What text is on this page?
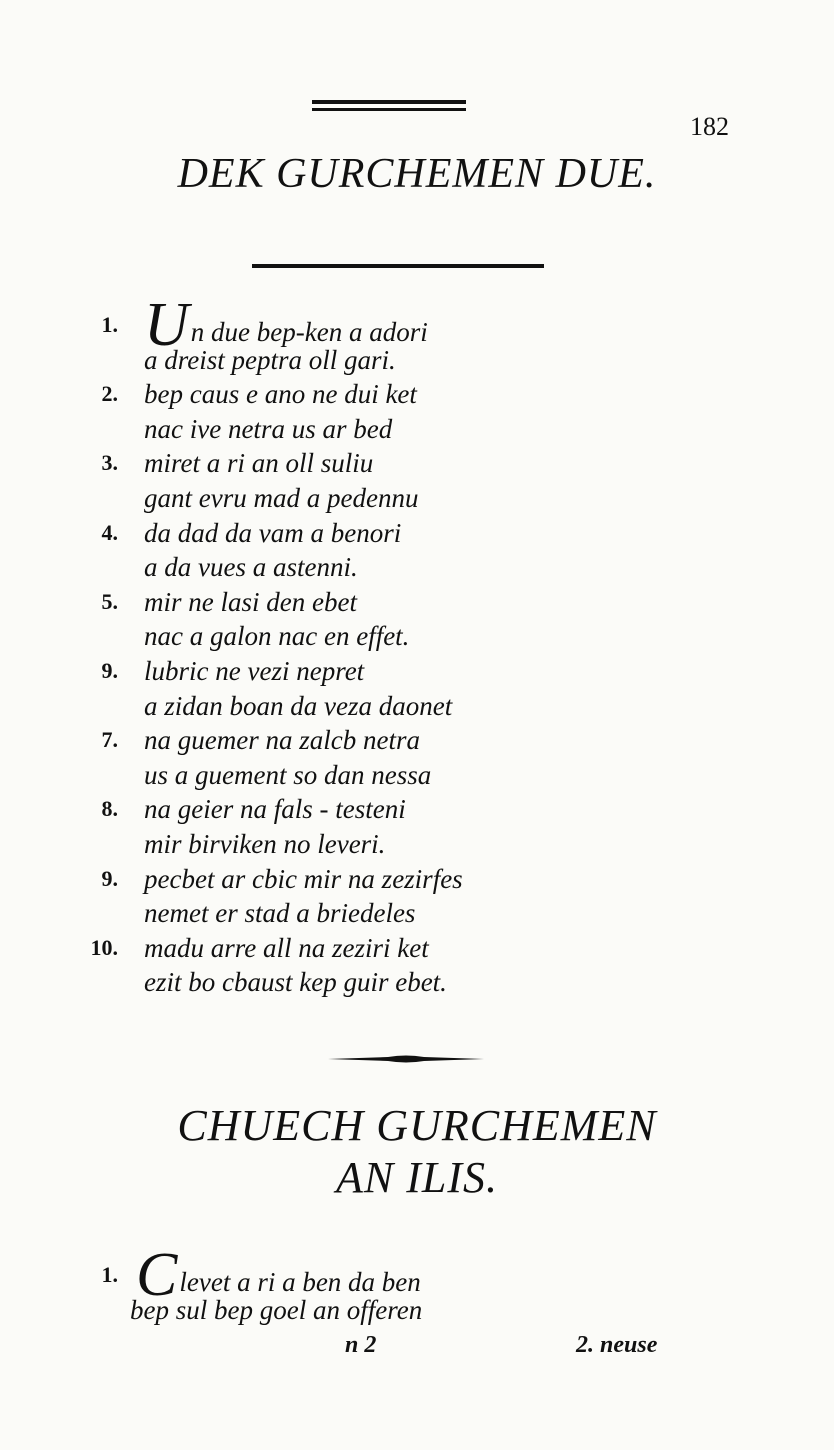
182
DEK GURCHEMEN DUE.
1. Un due bep-ken a adori
a dreist peptra oll gari.
2. bep caus e ano ne dui ket
nac ive netra us ar bed
3. miret a ri an oll suliu
gant evru mad a pedennu
4. da dad da vam a benori
a da vues a astenni.
5. mir ne lasi den ebet
nac a galon nac en effet.
9. lubric ne vezi nepret
a zidan boan da veza daonet
7. na guemer na zalcb netra
us a guement so dan nessa
8. na geier na fals - testeni
mir birviken no leveri.
9. pecbet ar cbic mir na zezirfes
nemet er stad a briedeles
10. madu arre all na zeziri ket
ezit bo cbaust kep guir ebet.
CHUECH GURCHEMEN
AN ILIS.
1. Clevet a ri a ben da ben
bep sul bep goel an offeren
n 2	2. neuse
